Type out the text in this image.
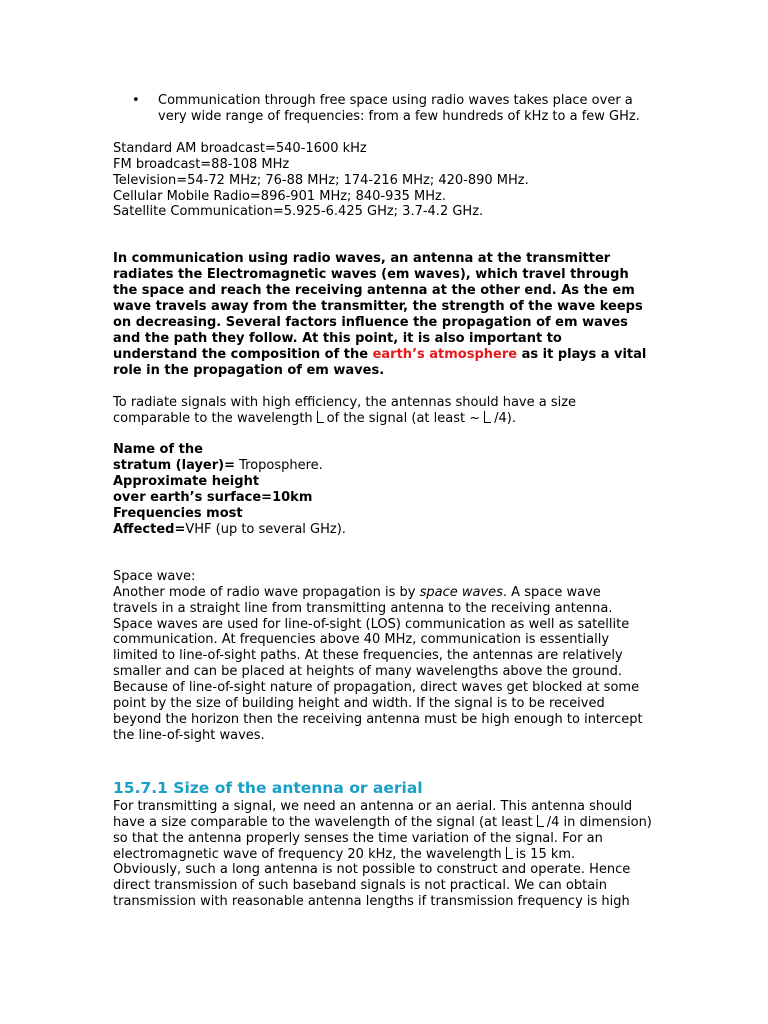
• Communication through free space using radio waves takes place over a
very wide range of frequencies: from a few hundreds of kHz to a few GHz.
Standard AM broadcast=540-1600 kHz
FM broadcast=88-108 MHz
Television=54-72 MHz; 76-88 MHz; 174-216 MHz; 420-890 MHz.
Cellular Mobile Radio=896-901 MHz; 840-935 MHz.
Satellite Communication=5.925-6.425 GHz; 3.7-4.2 GHz.
In communication using radio waves, an antenna at the transmitter
radiates the Electromagnetic waves (em waves), which travel through
the space and reach the receiving antenna at the other end. As the em
wave travels away from the transmitter, the strength of the wave keeps
on decreasing. Several factors influence the propagation of em waves
and the path they follow. At this point, it is also important to
understand the composition of the earth’s atmosphere as it plays a vital
role in the propagation of em waves.
To radiate signals with high efficiency, the antennas should have a size
comparable to the wavelength of the signal (at least ~ /4).
Name of the
stratum (layer)= Troposphere.
Approximate height
over earth’s surface=10km
Frequencies most
Affected=VHF (up to several GHz).
Space wave:
Another mode of radio wave propagation is by space waves. A space wave
travels in a straight line from transmitting antenna to the receiving antenna.
Space waves are used for line-of-sight (LOS) communication as well as satellite
communication. At frequencies above 40 MHz, communication is essentially
limited to line-of-sight paths. At these frequencies, the antennas are relatively
smaller and can be placed at heights of many wavelengths above the ground.
Because of line-of-sight nature of propagation, direct waves get blocked at some
point by the size of building height and width. If the signal is to be received
beyond the horizon then the receiving antenna must be high enough to intercept
the line-of-sight waves.
15.7.1 Size of the antenna or aerial
For transmitting a signal, we need an antenna or an aerial. This antenna should
have a size comparable to the wavelength of the signal (at least /4 in dimension)
so that the antenna properly senses the time variation of the signal. For an
electromagnetic wave of frequency 20 kHz, the wavelength is 15 km.
Obviously, such a long antenna is not possible to construct and operate. Hence
direct transmission of such baseband signals is not practical. We can obtain
transmission with reasonable antenna lengths if transmission frequency is high
